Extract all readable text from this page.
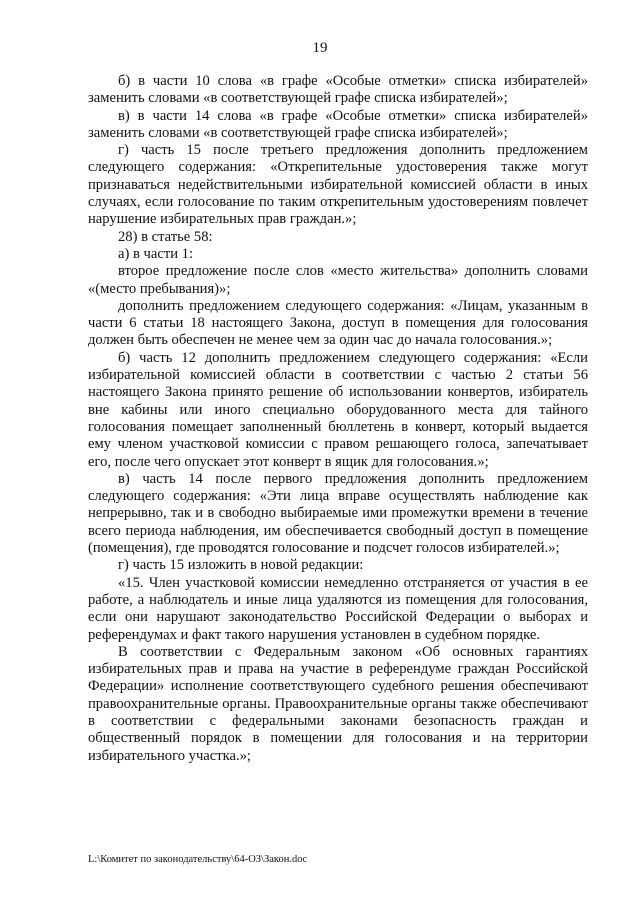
19

б) в части 10 слова «в графе «Особые отметки» списка избирателей» заменить словами «в соответствующей графе списка избирателей»;

в) в части 14 слова «в графе «Особые отметки» списка избирателей» заменить словами «в соответствующей графе списка избирателей»;

г) часть 15 после третьего предложения дополнить предложением следующего содержания: «Открепительные удостоверения также могут признаваться недействительными избирательной комиссией области в иных случаях, если голосование по таким открепительным удостоверениям повлечет нарушение избирательных прав граждан.»;

28) в статье 58:

а) в части 1:

второе предложение после слов «место жительства» дополнить словами «(место пребывания)»;

дополнить предложением следующего содержания: «Лицам, указанным в части 6 статьи 18 настоящего Закона, доступ в помещения для голосования должен быть обеспечен не менее чем за один час до начала голосования.»;

б) часть 12 дополнить предложением следующего содержания: «Если избирательной комиссией области в соответствии с частью 2 статьи 56 настоящего Закона принято решение об использовании конвертов, избиратель вне кабины или иного специально оборудованного места для тайного голосования помещает заполненный бюллетень в конверт, который выдается ему членом участковой комиссии с правом решающего голоса, запечатывает его, после чего опускает этот конверт в ящик для голосования.»;

в) часть 14 после первого предложения дополнить предложением следующего содержания: «Эти лица вправе осуществлять наблюдение как непрерывно, так и в свободно выбираемые ими промежутки времени в течение всего периода наблюдения, им обеспечивается свободный доступ в помещение (помещения), где проводятся голосование и подсчет голосов избирателей.»;

г) часть 15 изложить в новой редакции:

«15. Член участковой комиссии немедленно отстраняется от участия в ее работе, а наблюдатель и иные лица удаляются из помещения для голосования, если они нарушают законодательство Российской Федерации о выборах и референдумах и факт такого нарушения установлен в судебном порядке.

В соответствии с Федеральным законом «Об основных гарантиях избирательных прав и права на участие в референдуме граждан Российской Федерации» исполнение соответствующего судебного решения обеспечивают правоохранительные органы. Правоохранительные органы также обеспечивают в соответствии с федеральными законами безопасность граждан и общественный порядок в помещении для голосования и на территории избирательного участка.»;

L:\Комитет по законодательству\64-ОЗ\Закон.doc
